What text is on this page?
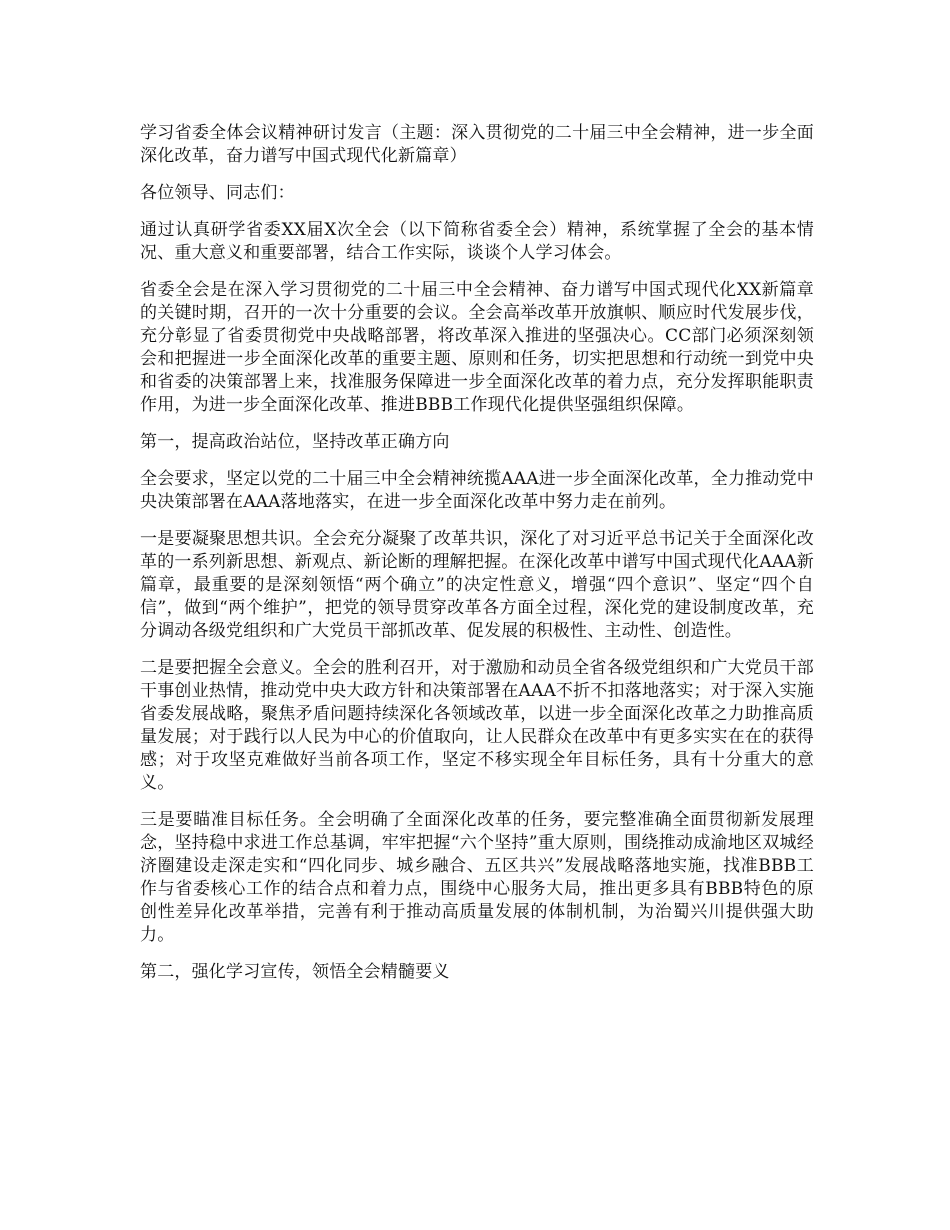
学习省委全体会议精神研讨发言（主题：深入贯彻党的二十届三中全会精神，进一步全面深化改革，奋力谱写中国式现代化新篇章）

各位领导、同志们：

通过认真研学省委XX届X次全会（以下简称省委全会）精神，系统掌握了全会的基本情况、重大意义和重要部署，结合工作实际，谈谈个人学习体会。

省委全会是在深入学习贯彻党的二十届三中全会精神、奋力谱写中国式现代化XX新篇章的关键时期，召开的一次十分重要的会议。全会高举改革开放旗帜、顺应时代发展步伐，充分彰显了省委贯彻党中央战略部署，将改革深入推进的坚强决心。CC部门必须深刻领会和把握进一步全面深化改革的重要主题、原则和任务，切实把思想和行动统一到党中央和省委的决策部署上来，找准服务保障进一步全面深化改革的着力点，充分发挥职能职责作用，为进一步全面深化改革、推进BBB工作现代化提供坚强组织保障。

第一，提高政治站位，坚持改革正确方向

全会要求，坚定以党的二十届三中全会精神统揽AAA进一步全面深化改革，全力推动党中央决策部署在AAA落地落实，在进一步全面深化改革中努力走在前列。

一是要凝聚思想共识。全会充分凝聚了改革共识，深化了对习近平总书记关于全面深化改革的一系列新思想、新观点、新论断的理解把握。在深化改革中谱写中国式现代化AAA新篇章，最重要的是深刻领悟“两个确立”的决定性意义，增强“四个意识”、坚定“四个自信”，做到“两个维护”，把党的领导贯穿改革各方面全过程，深化党的建设制度改革，充分调动各级党组织和广大党员干部抓改革、促发展的积极性、主动性、创造性。

二是要把握全会意义。全会的胜利召开，对于激励和动员全省各级党组织和广大党员干部干事创业热情，推动党中央大政方针和决策部署在AAA不折不扣落地落实；对于深入实施省委发展战略，聚焦矛盾问题持续深化各领域改革，以进一步全面深化改革之力助推高质量发展；对于践行以人民为中心的价值取向，让人民群众在改革中有更多实实在在的获得感；对于攻坚克难做好当前各项工作，坚定不移实现全年目标任务，具有十分重大的意义。

三是要瞄准目标任务。全会明确了全面深化改革的任务，要完整准确全面贯彻新发展理念，坚持稳中求进工作总基调，牢牢把握“六个坚持”重大原则，围绕推动成渝地区双城经济圈建设走深走实和“四化同步、城乡融合、五区共兴”发展战略落地实施，找准BBB工作与省委核心工作的结合点和着力点，围绕中心服务大局，推出更多具有BBB特色的原创性差异化改革举措，完善有利于推动高质量发展的体制机制，为治蜀兴川提供强大助力。

第二，强化学习宣传，领悟全会精髓要义
